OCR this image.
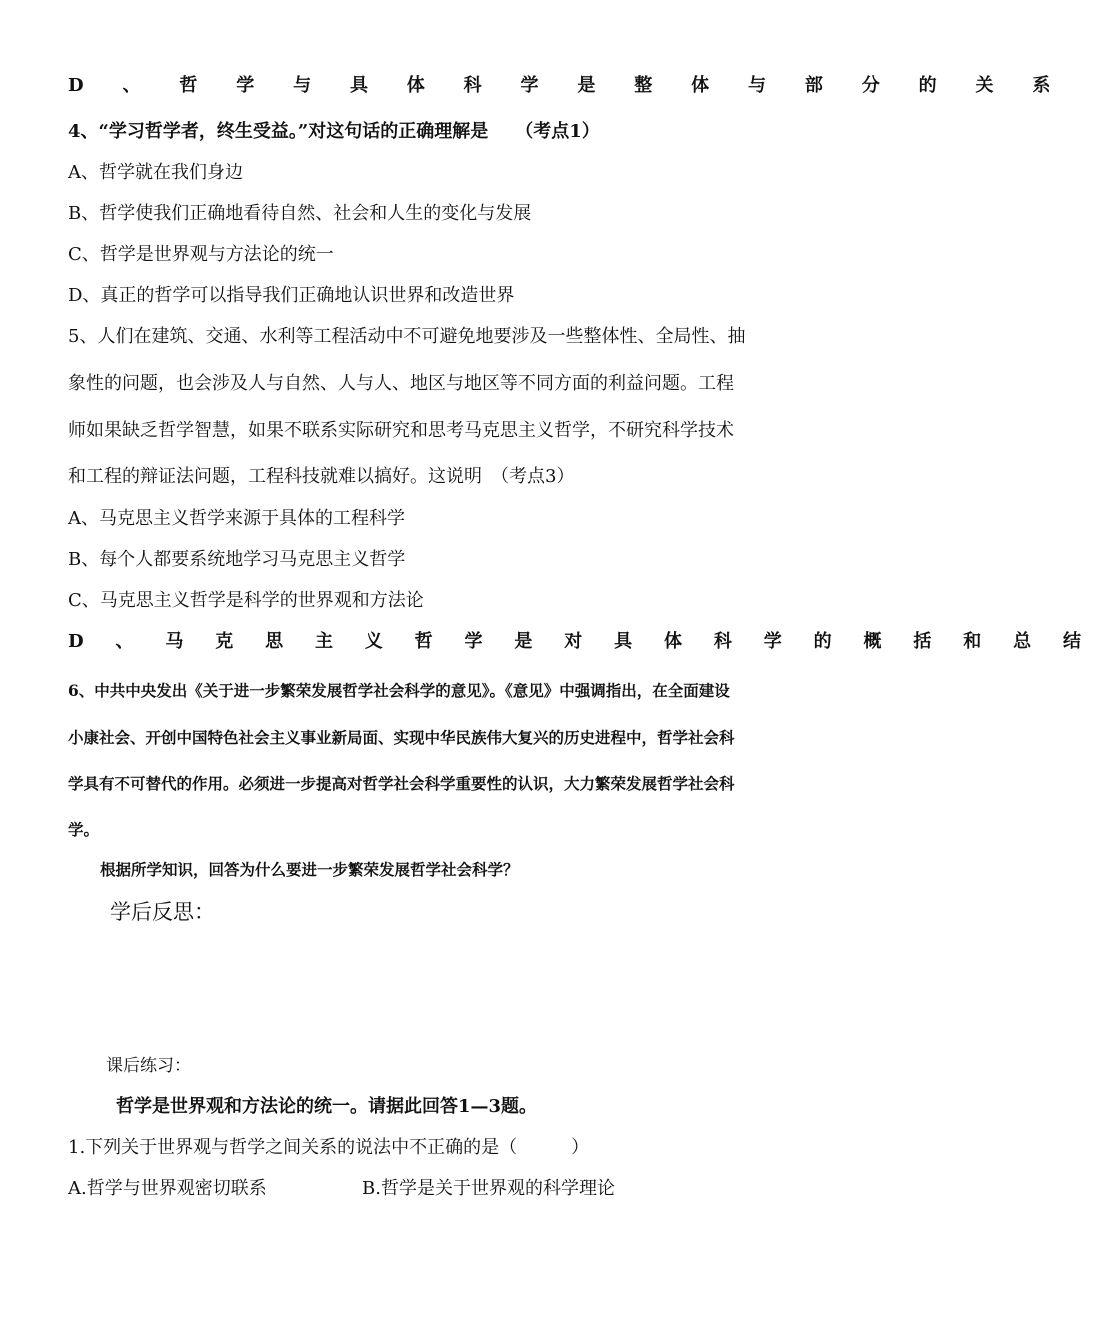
D 、 哲 学 与 具 体 科 学 是 整 体 与 部 分 的 关 系
4、“学习哲学者，终生受益。”对这句话的正确理解是　　（考点1）
A、哲学就在我们身边
B、哲学使我们正确地看待自然、社会和人生的变化与发展
C、哲学是世界观与方法论的统一
D、真正的哲学可以指导我们正确地认识世界和改造世界
5、人们在建筑、交通、水利等工程活动中不可避免地要涉及一些整体性、全局性、抽
象性的问题，也会涉及人与自然、人与人、地区与地区等不同方面的利益问题。工程
师如果缺乏哲学智慧，如果不联系实际研究和思考马克思主义哲学，不研究科学技术
和工程的辩证法问题，工程科技就难以搞好。这说明　（考点3）
A、马克思主义哲学来源于具体的工程科学
B、每个人都要系统地学习马克思主义哲学
C、马克思主义哲学是科学的世界观和方法论
D 、 马 克 思 主 义 哲 学 是 对 具 体 科 学 的 概 括 和 总 结
6、中共中央发出《关于进一步繁荣发展哲学社会科学的意见》。《意见》中强调指出，在全面建设
小康社会、开创中国特色社会主义事业新局面、实现中华民族伟大复兴的历史进程中，哲学社会科
学具有不可替代的作用。必须进一步提高对哲学社会科学重要性的认识，大力繁荣发展哲学社会科
学。
根据所学知识，回答为什么要进一步繁荣发展哲学社会科学？
学后反思：
课后练习：
哲学是世界观和方法论的统一。请据此回答1—3题。
1.下列关于世界观与哲学之间关系的说法中不正确的是（　　　）
A.哲学与世界观密切联系	B.哲学是关于世界观的科学理论
